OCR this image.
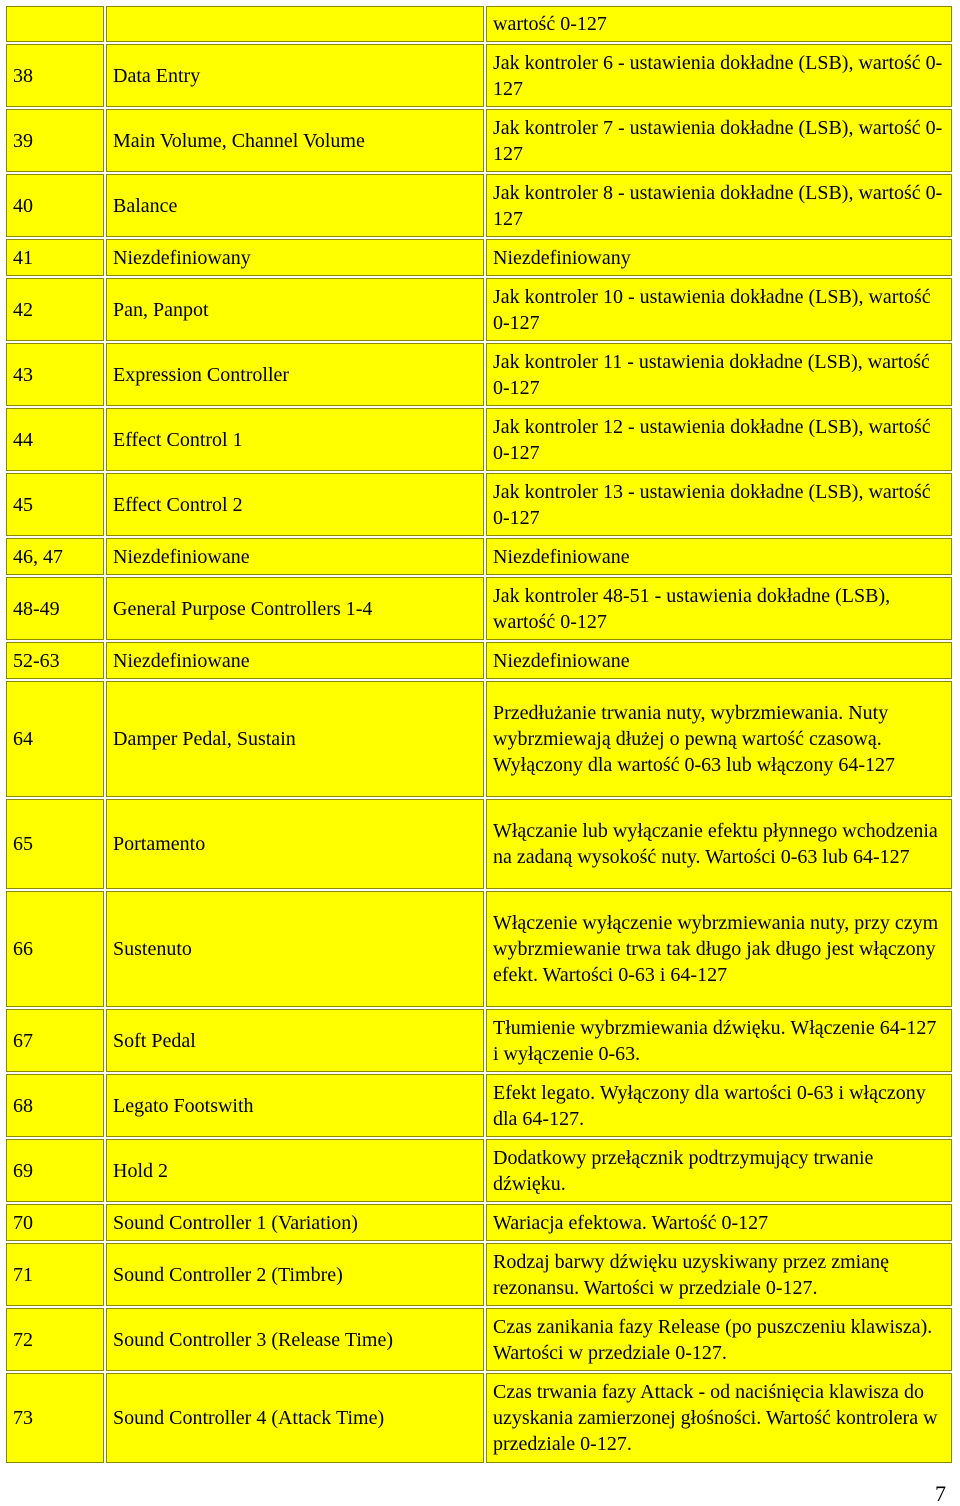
		wartość 0-127
38	Data Entry	Jak kontroler 6 - ustawienia dokładne (LSB), wartość 0-127
39	Main Volume, Channel Volume	Jak kontroler 7 - ustawienia dokładne (LSB), wartość 0-127
40	Balance	Jak kontroler 8 - ustawienia dokładne (LSB), wartość 0-127
41	Niezdefiniowany	Niezdefiniowany
42	Pan, Panpot	Jak kontroler 10 - ustawienia dokładne (LSB), wartość 0-127
43	Expression Controller	Jak kontroler 11 - ustawienia dokładne (LSB), wartość 0-127
44	Effect Control 1	Jak kontroler 12 - ustawienia dokładne (LSB), wartość 0-127
45	Effect Control 2	Jak kontroler 13 - ustawienia dokładne (LSB), wartość 0-127
46, 47	Niezdefiniowane	Niezdefiniowane
48-49	General Purpose Controllers 1-4	Jak kontroler 48-51 - ustawienia dokładne (LSB), wartość 0-127
52-63	Niezdefiniowane	Niezdefiniowane
64	Damper Pedal, Sustain	Przedłużanie trwania nuty, wybrzmiewania. Nuty wybrzmiewają dłużej o pewną wartość czasową. Wyłączony dla wartość 0-63 lub włączony 64-127
65	Portamento	Włączanie lub wyłączanie efektu płynnego wchodzenia na zadaną wysokość nuty. Wartości 0-63 lub 64-127
66	Sustenuto	Włączenie wyłączenie wybrzmiewania nuty, przy czym wybrzmiewanie trwa tak długo jak długo jest włączony efekt. Wartości 0-63 i 64-127
67	Soft Pedal	Tłumienie wybrzmiewania dźwięku. Włączenie 64-127 i wyłączenie 0-63.
68	Legato Footswith	Efekt legato. Wyłączony dla wartości 0-63 i włączony dla 64-127.
69	Hold 2	Dodatkowy przełącznik podtrzymujący trwanie dźwięku.
70	Sound Controller 1 (Variation)	Wariacja efektowa. Wartość 0-127
71	Sound Controller 2 (Timbre)	Rodzaj barwy dźwięku uzyskiwany przez zmianę rezonansu. Wartości w przedziale 0-127.
72	Sound Controller 3 (Release Time)	Czas zanikania fazy Release (po puszczeniu klawisza). Wartości w przedziale 0-127.
73	Sound Controller 4 (Attack Time)	Czas trwania fazy Attack - od naciśnięcia klawisza do uzyskania zamierzonej głośności. Wartość kontrolera w przedziale 0-127.
7
